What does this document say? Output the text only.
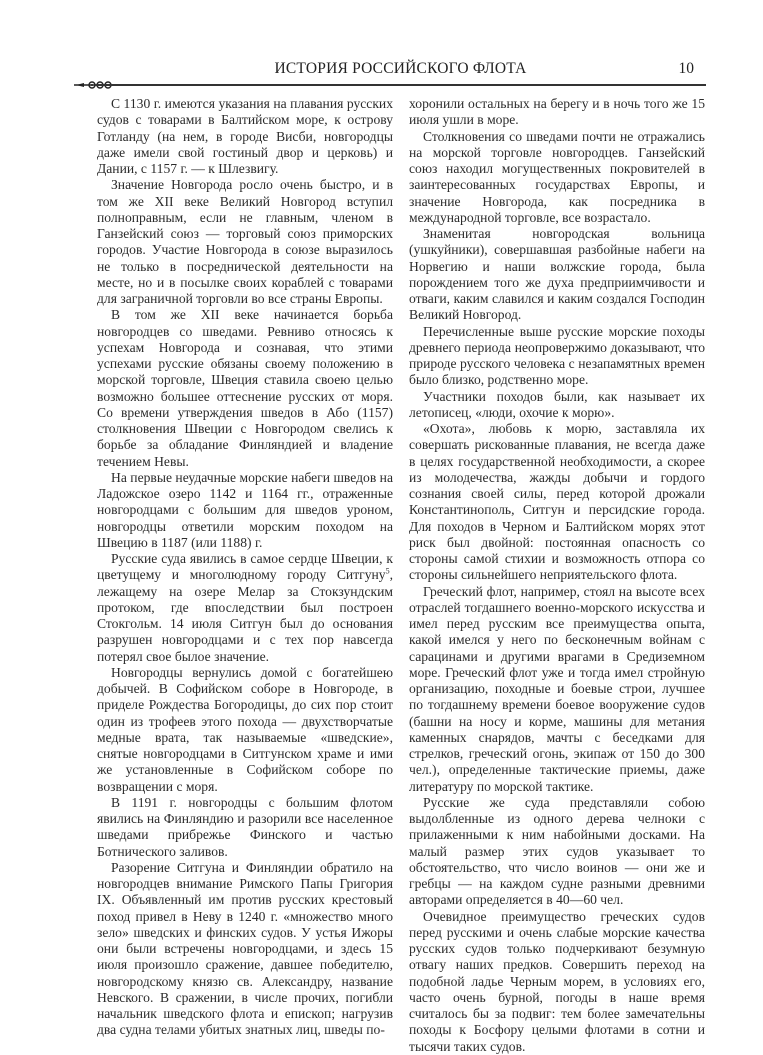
ИСТОРИЯ РОССИЙСКОГО ФЛОТА	10

С 1130 г. имеются указания на плавания русских судов с товарами в Балтийском море, к острову Готланду (на нем, в городе Висби, новгородцы даже имели свой гостиный двор и церковь) и Дании, с 1157 г. — к Шлезвигу.

Значение Новгорода росло очень быстро, и в том же XII веке Великий Новгород вступил полноправным, если не главным, членом в Ганзейский союз — торговый союз приморских городов. Участие Новгорода в союзе выразилось не только в посреднической деятельности на месте, но и в посылке своих кораблей с товарами для заграничной торговли во все страны Европы.

В том же XII веке начинается борьба новгородцев со шведами. Ревниво относясь к успехам Новгорода и сознавая, что этими успехами русские обязаны своему положению в морской торговле, Швеция ставила своею целью возможно большее оттеснение русских от моря. Со времени утверждения шведов в Або (1157) столкновения Швеции с Новгородом свелись к борьбе за обладание Финляндией и владение течением Невы.

На первые неудачные морские набеги шведов на Ладожское озеро 1142 и 1164 гг., отраженные новгородцами с большим для шведов уроном, новгородцы ответили морским походом на Швецию в 1187 (или 1188) г.

Русские суда явились в самое сердце Швеции, к цветущему и многолюдному городу Ситгуну$^5$, лежащему на озере Мелар за Стокзундским протоком, где впоследствии был построен Стокгольм. 14 июля Ситгун был до основания разрушен новгородцами и с тех пор навсегда потерял свое былое значение.

Новгородцы вернулись домой с богатейшею добычей. В Софийском соборе в Новгороде, в приделе Рождества Богородицы, до сих пор стоит один из трофеев этого похода — двухстворчатые медные врата, так называемые «шведские», снятые новгородцами в Ситгунском храме и ими же установленные в Софийском соборе по возвращении с моря.

В 1191 г. новгородцы с большим флотом явились на Финляндию и разорили все населенное шведами прибрежье Финского и частью Ботнического заливов.

Разорение Ситгуна и Финляндии обратило на новгородцев внимание Римского Папы Григория IX. Объявленный им против русских крестовый поход привел в Неву в 1240 г. «множество много зело» шведских и финских судов. У устья Ижоры они были встречены новгородцами, и здесь 15 июля произошло сражение, давшее победителю, новгородскому князю св. Александру, название Невского. В сражении, в числе прочих, погибли начальник шведского флота и епископ; нагрузив два судна телами убитых знатных лиц, шведы по-

хоронили остальных на берегу и в ночь того же 15 июля ушли в море.

Столкновения со шведами почти не отражались на морской торговле новгородцев. Ганзейский союз находил могущественных покровителей в заинтересованных государствах Европы, и значение Новгорода, как посредника в международной торговле, все возрастало.

Знаменитая новгородская вольница (ушкуйники), совершавшая разбойные набеги на Норвегию и наши волжские города, была порождением того же духа предприимчивости и отваги, каким славился и каким создался Господин Великий Новгород.

Перечисленные выше русские морские походы древнего периода неопровержимо доказывают, что природе русского человека с незапамятных времен было близко, родственно море.

Участники походов были, как называет их летописец, «люди, охочие к морю».

«Охота», любовь к морю, заставляла их совершать рискованные плавания, не всегда даже в целях государственной необходимости, а скорее из молодечества, жажды добычи и гордого сознания своей силы, перед которой дрожали Константинополь, Ситгун и персидские города. Для походов в Черном и Балтийском морях этот риск был двойной: постоянная опасность со стороны самой стихии и возможность отпора со стороны сильнейшего неприятельского флота.

Греческий флот, например, стоял на высоте всех отраслей тогдашнего военно-морского искусства и имел перед русским все преимущества опыта, какой имелся у него по бесконечным войнам с сарацинами и другими врагами в Средиземном море. Греческий флот уже и тогда имел стройную организацию, походные и боевые строи, лучшее по тогдашнему времени боевое вооружение судов (башни на носу и корме, машины для метания каменных снарядов, мачты с беседками для стрелков, греческий огонь, экипаж от 150 до 300 чел.), определенные тактические приемы, даже литературу по морской тактике.

Русские же суда представляли собою выдолбленные из одного дерева челноки с прилаженными к ним набойными досками. На малый размер этих судов указывает то обстоятельство, что число воинов — они же и гребцы — на каждом судне разными древними авторами определяется в 40—60 чел.

Очевидное преимущество греческих судов перед русскими и очень слабые морские качества русских судов только подчеркивают безумную отвагу наших предков. Совершить переход на подобной ладье Черным морем, в условиях его, часто очень бурной, погоды в наше время считалось бы за подвиг: тем более замечательны походы к Босфору целыми флотами в сотни и тысячи таких судов.
